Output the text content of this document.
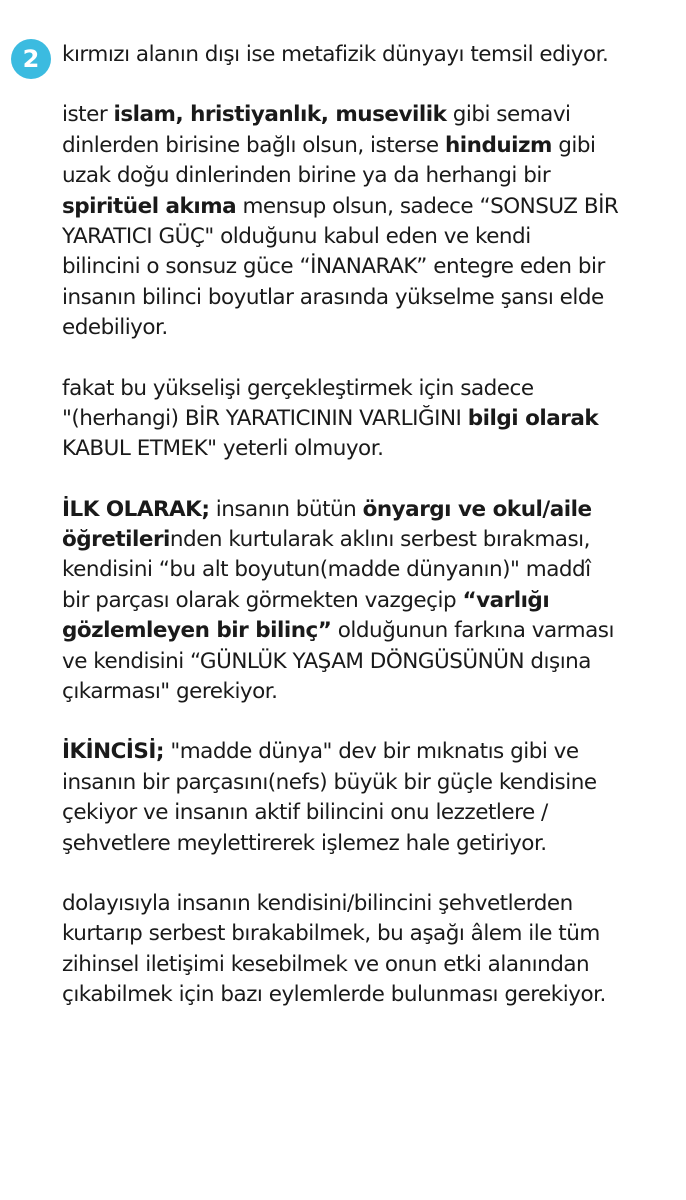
2	kırmızı alanın dışı ise metafizik dünyayı temsil ediyor.
ister islam, hristiyanlık, musevilik gibi semavi
dinlerden birisine bağlı olsun, isterse hinduizm gibi
uzak doğu dinlerinden birine ya da herhangi bir
spiritüel akıma mensup olsun, sadece “SONSUZ BİR
YARATICI GÜÇ" olduğunu kabul eden ve kendi
bilincini o sonsuz güce “İNANARAK” entegre eden bir
insanın bilinci boyutlar arasında yükselme şansı elde
edebiliyor.
fakat bu yükselişi gerçekleştirmek için sadece
"(herhangi) BİR YARATICININ VARLIĞINI bilgi olarak
KABUL ETMEK" yeterli olmuyor.
İLK OLARAK; insanın bütün önyargı ve okul/aile
öğretilerinden kurtularak aklını serbest bırakması,
kendisini “bu alt boyutun(madde dünyanın)" maddî
bir parçası olarak görmekten vazgeçip “varlığı
gözlemleyen bir bilinç” olduğunun farkına varması
ve kendisini “GÜNLÜK YAŞAM DÖNGÜSÜNÜN dışına
çıkarması" gerekiyor.
İKİNCİSİ; "madde dünya" dev bir mıknatıs gibi ve
insanın bir parçasını(nefs) büyük bir güçle kendisine
çekiyor ve insanın aktif bilincini onu lezzetlere /
şehvetlere meylettirerek işlemez hale getiriyor.
dolayısıyla insanın kendisini/bilincini şehvetlerden
kurtarıp serbest bırakabilmek, bu aşağı âlem ile tüm
zihinsel iletişimi kesebilmek ve onun etki alanından
çıkabilmek için bazı eylemlerde bulunması gerekiyor.
